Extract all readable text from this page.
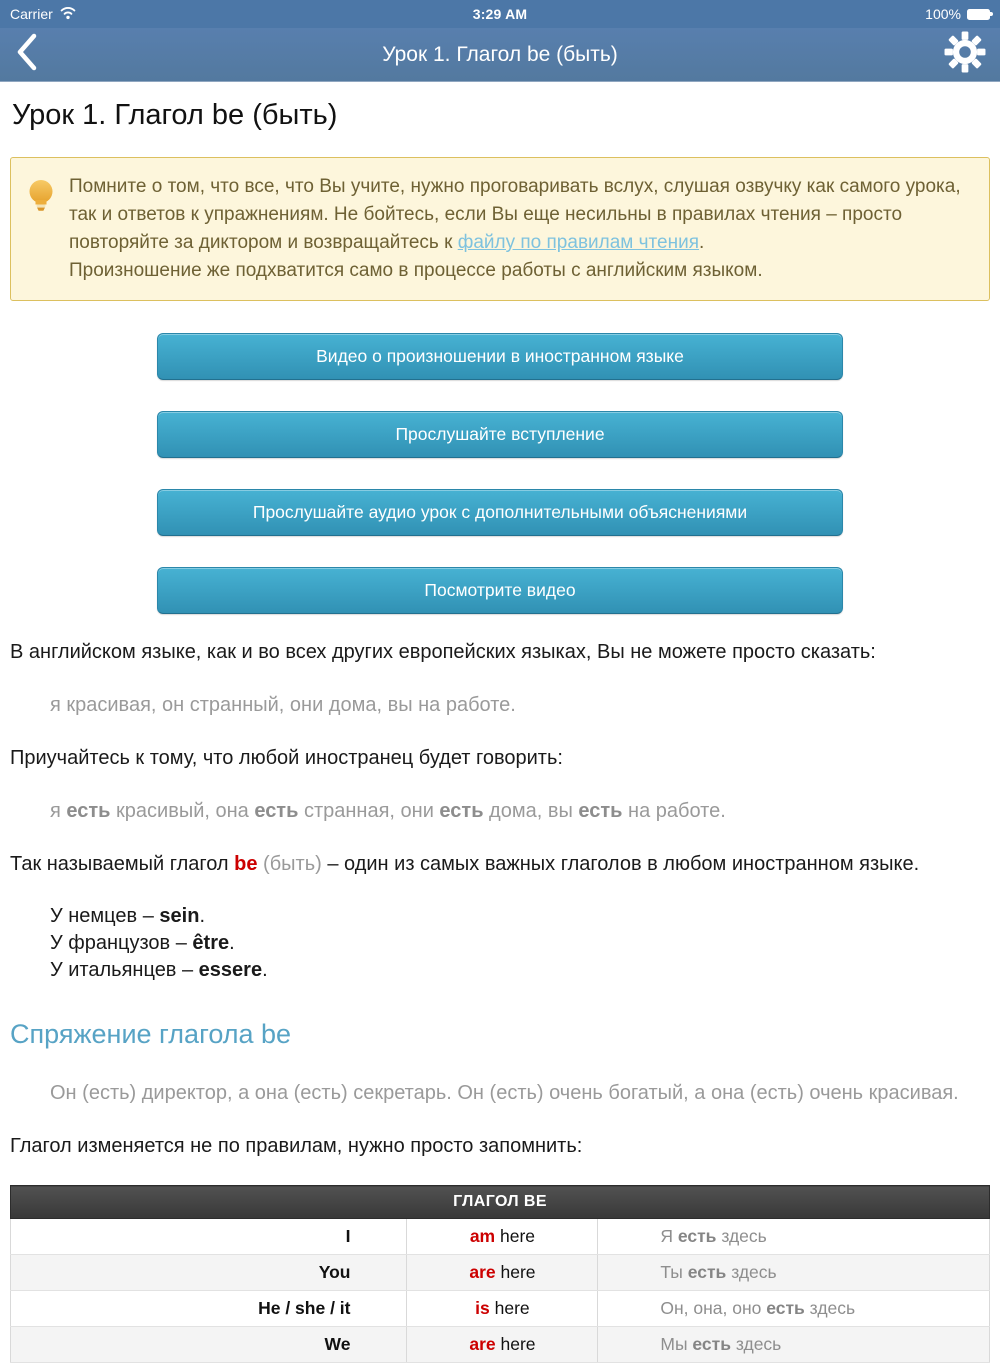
Carrier	3:29 AM	100%
Урок 1. Глагол be (быть)
Урок 1. Глагол be (быть)
Помните о том, что все, что Вы учите, нужно проговаривать вслух, слушая озвучку как самого урока, так и ответов к упражнениям. Не бойтесь, если Вы еще несильны в правилах чтения – просто повторяйте за диктором и возвращайтесь к файлу по правилам чтения.
Произношение же подхватится само в процессе работы с английским языком.
Видео о произношении в иностранном языке
Прослушайте вступление
Прослушайте аудио урок с дополнительными объяснениями
Посмотрите видео

В английском языке, как и во всех других европейских языках, Вы не можете просто сказать:

я красивая, он странный, они дома, вы на работе.

Приучайтесь к тому, что любой иностранец будет говорить:

я есть красивый, она есть странная, они есть дома, вы есть на работе.

Так называемый глагол be (быть) – один из самых важных глаголов в любом иностранном языке.

У немцев – sein.
У французов – être.
У итальянцев – essere.

Спряжение глагола be

Он (есть) директор, а она (есть) секретарь. Он (есть) очень богатый, а она (есть) очень красивая.

Глагол изменяется не по правилам, нужно просто запомнить:

ГЛАГОЛ BE		
I	am here	Я есть здесь
You	are here	Ты есть здесь
He / she / it	is here	Он, она, оно есть здесь
We	are here	Мы есть здесь
